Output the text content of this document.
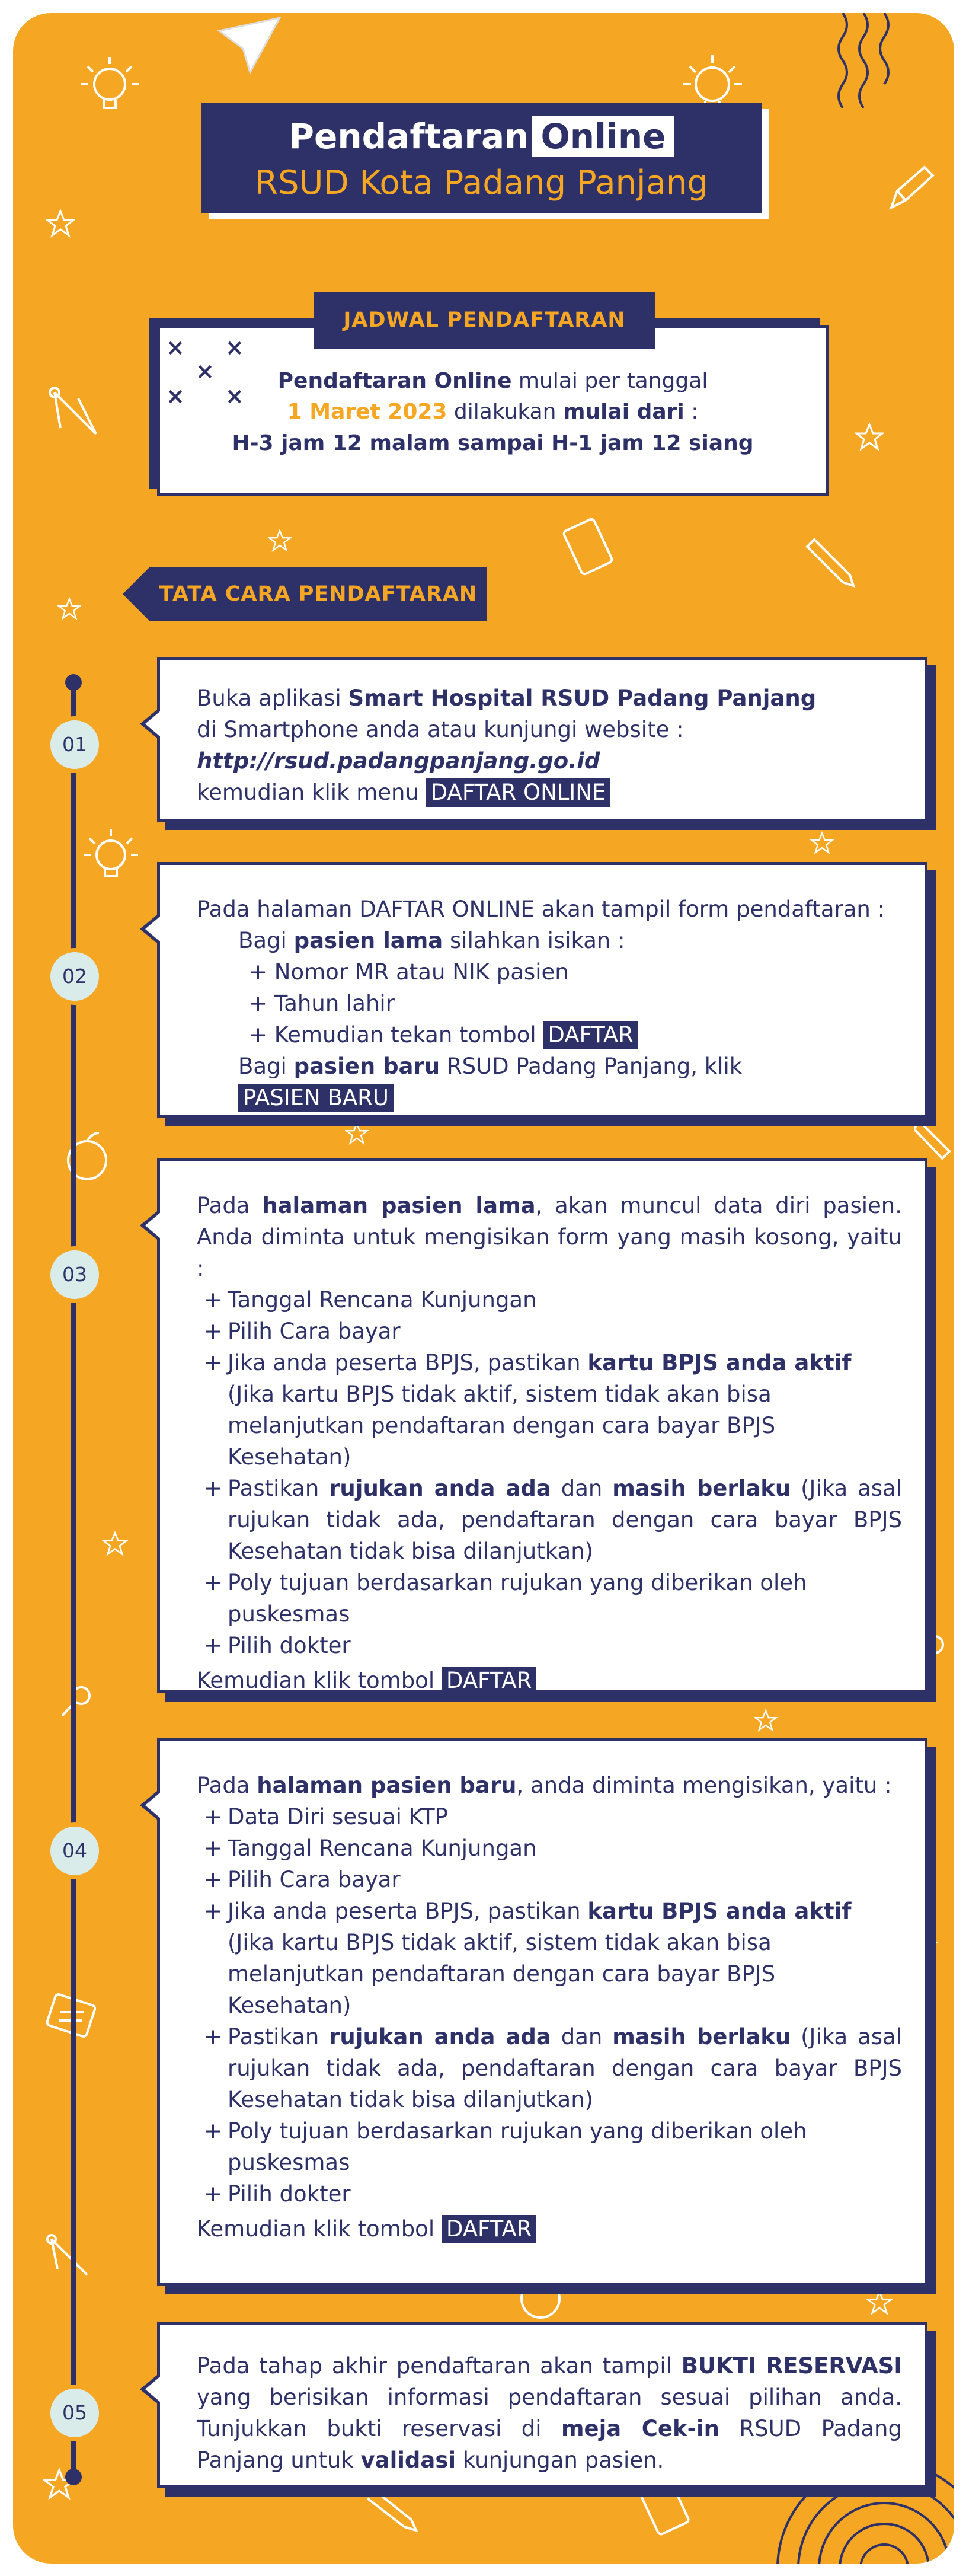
Pendaftaran Online
RSUD Kota Padang Panjang
× ×
×
× ×
Pendaftaran Online mulai per tanggal
1 Maret 2023 dilakukan mulai dari :
H-3 jam 12 malam sampai H-1 jam 12 siang
JADWAL PENDAFTARAN
TATA CARA PENDAFTARAN
01
02
03
04
05

Buka aplikasi Smart Hospital RSUD Padang Panjang

di Smartphone anda atau kunjungi website :

http://rsud.padangpanjang.go.id

kemudian klik menu DAFTAR ONLINE

Pada halaman DAFTAR ONLINE akan tampil form pendaftaran :

Bagi pasien lama silahkan isikan :

+ Nomor MR atau NIK pasien

+ Tahun lahir

+ Kemudian tekan tombol DAFTAR

Bagi pasien baru RSUD Padang Panjang, klik PASIEN BARU

Pada halaman pasien lama, akan muncul data diri pasien. Anda diminta untuk mengisikan form yang masih kosong, yaitu :

+ Tanggal Rencana Kunjungan

+ Pilih Cara bayar

+ Jika anda peserta BPJS, pastikan kartu BPJS anda aktif (Jika kartu BPJS tidak aktif, sistem tidak akan bisa melanjutkan pendaftaran dengan cara bayar BPJS Kesehatan)

+ Pastikan rujukan anda ada dan masih berlaku (Jika asal rujukan tidak ada, pendaftaran dengan cara bayar BPJS Kesehatan tidak bisa dilanjutkan)

+ Poly tujuan berdasarkan rujukan yang diberikan oleh puskesmas

+ Pilih dokter

Kemudian klik tombol DAFTAR

Pada halaman pasien baru, anda diminta mengisikan, yaitu :

+ Data Diri sesuai KTP

+ Tanggal Rencana Kunjungan

+ Pilih Cara bayar

+ Jika anda peserta BPJS, pastikan kartu BPJS anda aktif (Jika kartu BPJS tidak aktif, sistem tidak akan bisa melanjutkan pendaftaran dengan cara bayar BPJS Kesehatan)

+ Pastikan rujukan anda ada dan masih berlaku (Jika asal rujukan tidak ada, pendaftaran dengan cara bayar BPJS Kesehatan tidak bisa dilanjutkan)

+ Poly tujuan berdasarkan rujukan yang diberikan oleh puskesmas

+ Pilih dokter

Kemudian klik tombol DAFTAR

Pada tahap akhir pendaftaran akan tampil BUKTI RESERVASI yang berisikan informasi pendaftaran sesuai pilihan anda. Tunjukkan bukti reservasi di meja Cek-in RSUD Padang Panjang untuk validasi kunjungan pasien.
